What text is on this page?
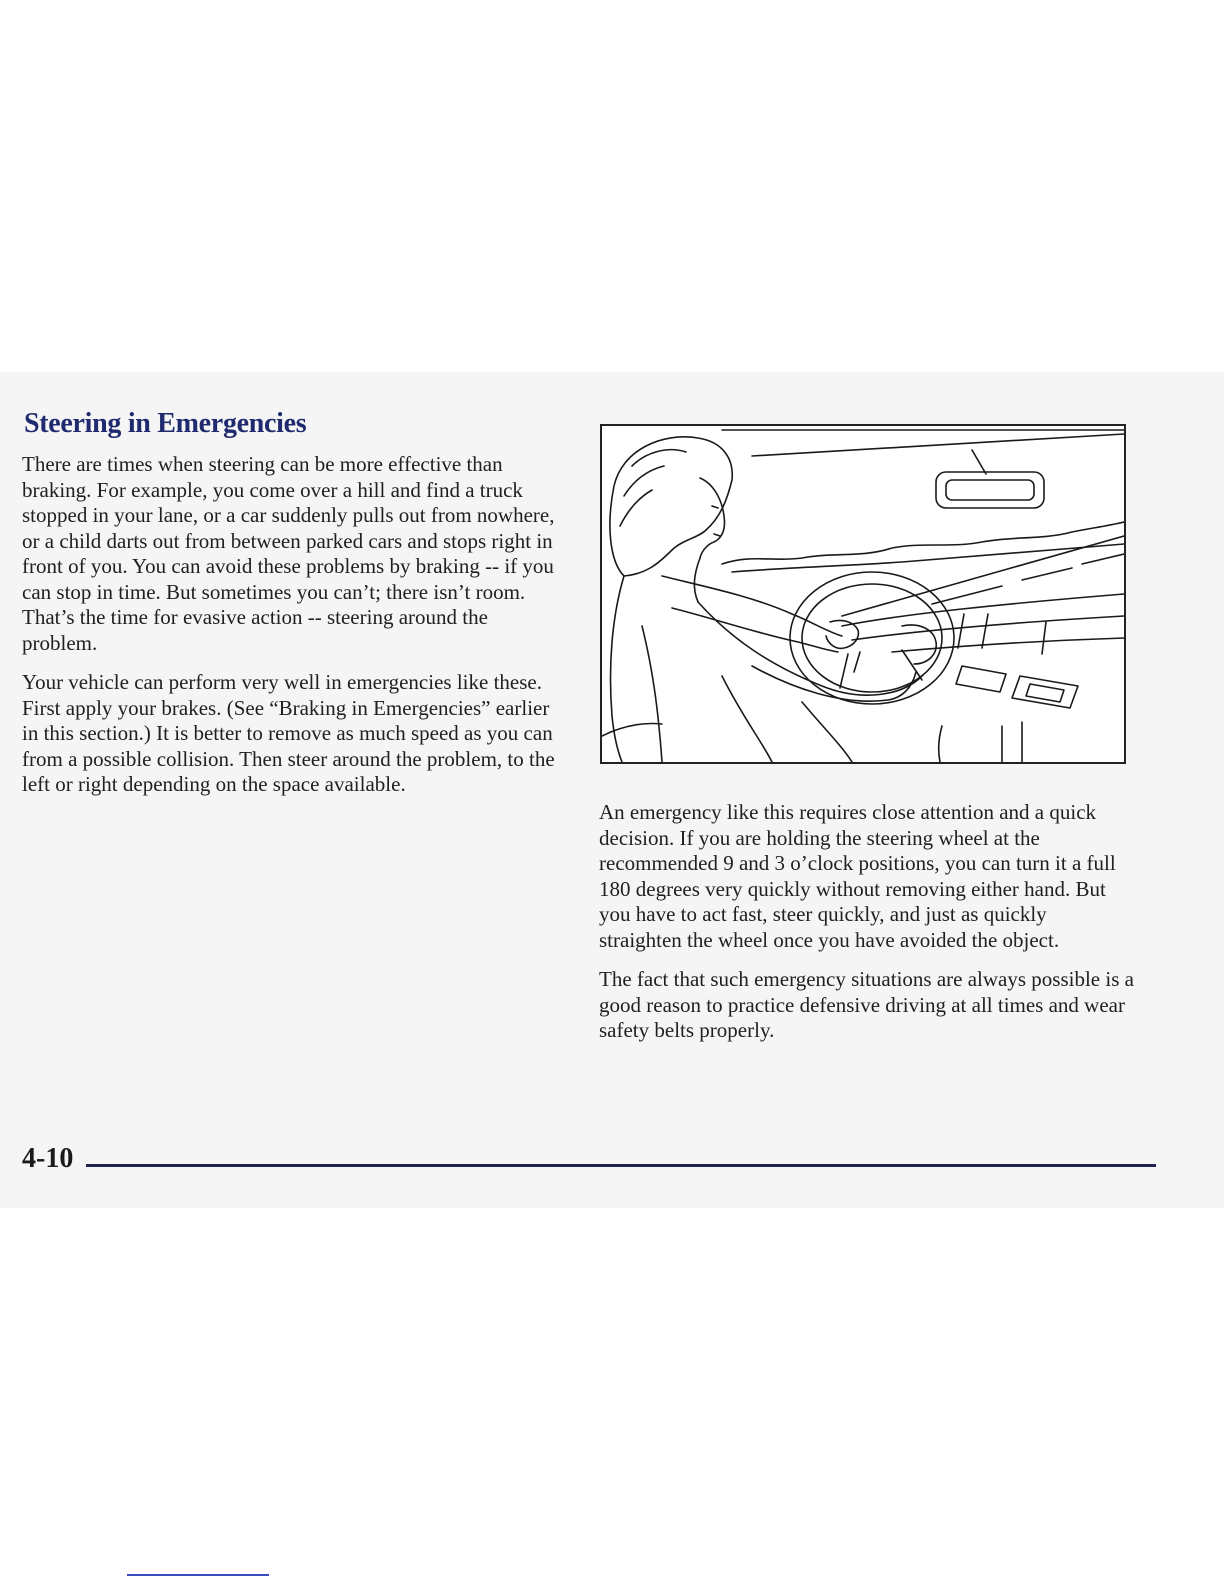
Steering in Emergencies

There are times when steering can be more effective than braking. For example, you come over a hill and find a truck stopped in your lane, or a car suddenly pulls out from nowhere, or a child darts out from between parked cars and stops right in front of you. You can avoid these problems by braking -- if you can stop in time. But sometimes you can’t; there isn’t room. That’s the time for evasive action -- steering around the problem.

Your vehicle can perform very well in emergencies like these. First apply your brakes. (See “Braking in Emergencies” earlier in this section.) It is better to remove as much speed as you can from a possible collision. Then steer around the problem, to the left or right depending on the space available.

An emergency like this requires close attention and a quick decision. If you are holding the steering wheel at the recommended 9 and 3 o’clock positions, you can turn it a full 180 degrees very quickly without removing either hand. But you have to act fast, steer quickly, and just as quickly straighten the wheel once you have avoided the object.

The fact that such emergency situations are always possible is a good reason to practice defensive driving at all times and wear safety belts properly.

4-10
